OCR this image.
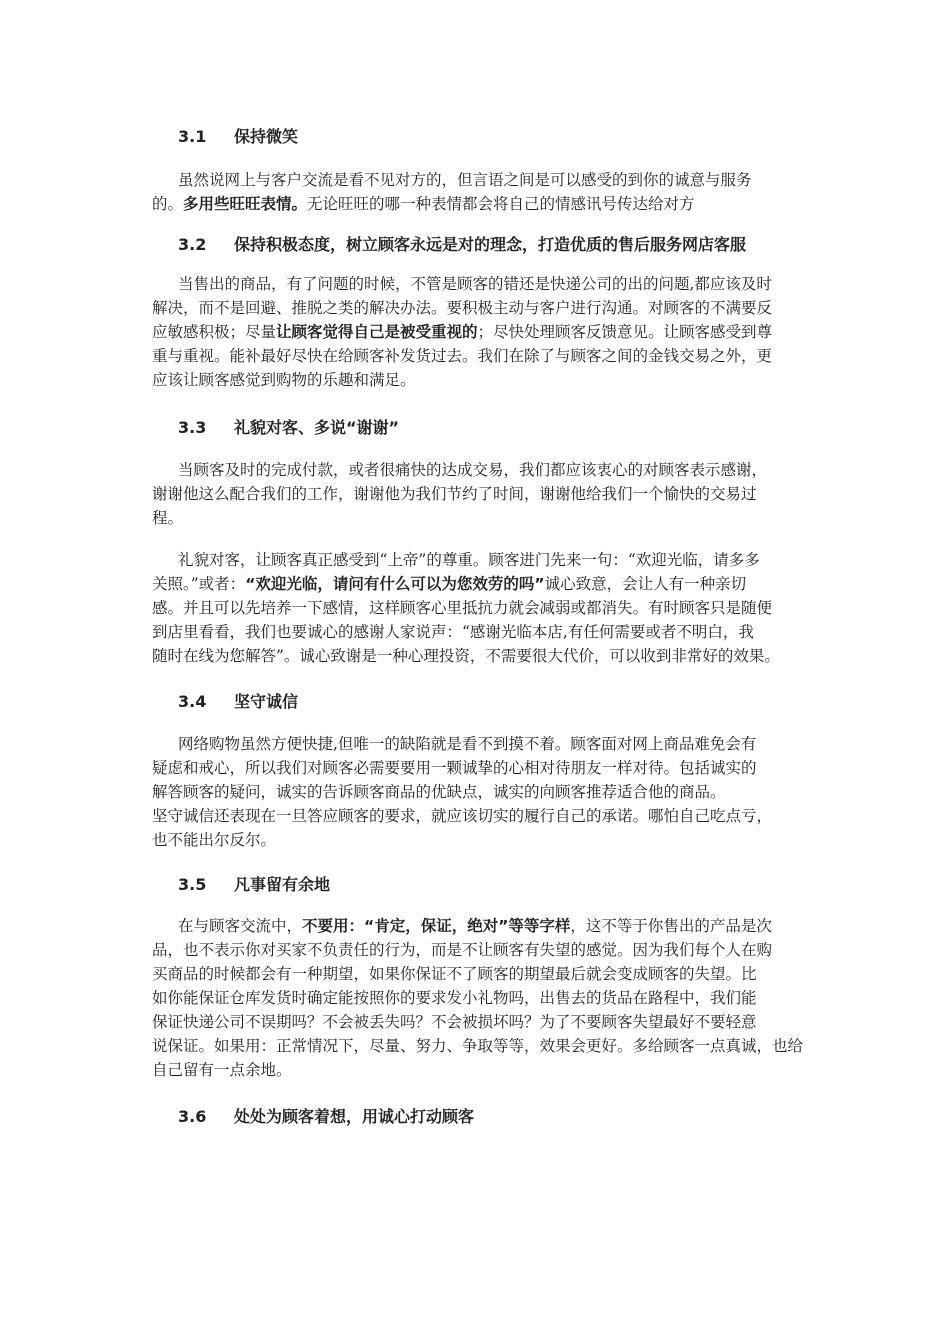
3.1 保持微笑
虽然说网上与客户交流是看不见对方的，但言语之间是可以感受的到你的诚意与服务
的。多用些旺旺表情。无论旺旺的哪一种表情都会将自己的情感讯号传达给对方
3.2 保持积极态度，树立顾客永远是对的理念，打造优质的售后服务网店客服
当售出的商品，有了问题的时候，不管是顾客的错还是快递公司的出的问题,都应该及时
解决，而不是回避、推脱之类的解决办法。要积极主动与客户进行沟通。对顾客的不满要反
应敏感积极；尽量让顾客觉得自己是被受重视的；尽快处理顾客反馈意见。让顾客感受到尊
重与重视。能补最好尽快在给顾客补发货过去。我们在除了与顾客之间的金钱交易之外，更
应该让顾客感觉到购物的乐趣和满足。
3.3 礼貌对客、多说“谢谢”
当顾客及时的完成付款，或者很痛快的达成交易，我们都应该衷心的对顾客表示感谢，
谢谢他这么配合我们的工作，谢谢他为我们节约了时间，谢谢他给我们一个愉快的交易过
程。
礼貌对客，让顾客真正感受到“上帝”的尊重。顾客进门先来一句：“欢迎光临，请多多
关照。”或者：“欢迎光临，请问有什么可以为您效劳的吗”诚心致意，会让人有一种亲切
感。并且可以先培养一下感情，这样顾客心里抵抗力就会减弱或都消失。有时顾客只是随便
到店里看看，我们也要诚心的感谢人家说声：“感谢光临本店,有任何需要或者不明白，我
随时在线为您解答”。诚心致谢是一种心理投资，不需要很大代价，可以收到非常好的效果。
3.4 坚守诚信
网络购物虽然方便快捷,但唯一的缺陷就是看不到摸不着。顾客面对网上商品难免会有
疑虑和戒心，所以我们对顾客必需要要用一颗诚挚的心相对待朋友一样对待。包括诚实的
解答顾客的疑问，诚实的告诉顾客商品的优缺点，诚实的向顾客推荐适合他的商品。
坚守诚信还表现在一旦答应顾客的要求，就应该切实的履行自己的承诺。哪怕自己吃点亏，
也不能出尔反尔。
3.5 凡事留有余地
在与顾客交流中，不要用：“肯定，保证，绝对”等等字样，这不等于你售出的产品是次
品，也不表示你对买家不负责任的行为，而是不让顾客有失望的感觉。因为我们每个人在购
买商品的时候都会有一种期望，如果你保证不了顾客的期望最后就会变成顾客的失望。比
如你能保证仓库发货时确定能按照你的要求发小礼物吗，出售去的货品在路程中，我们能
保证快递公司不误期吗？不会被丢失吗？不会被损坏吗？为了不要顾客失望最好不要轻意
说保证。如果用：正常情况下，尽量、努力、争取等等，效果会更好。多给顾客一点真诚，也给
自己留有一点余地。
3.6 处处为顾客着想，用诚心打动顾客
